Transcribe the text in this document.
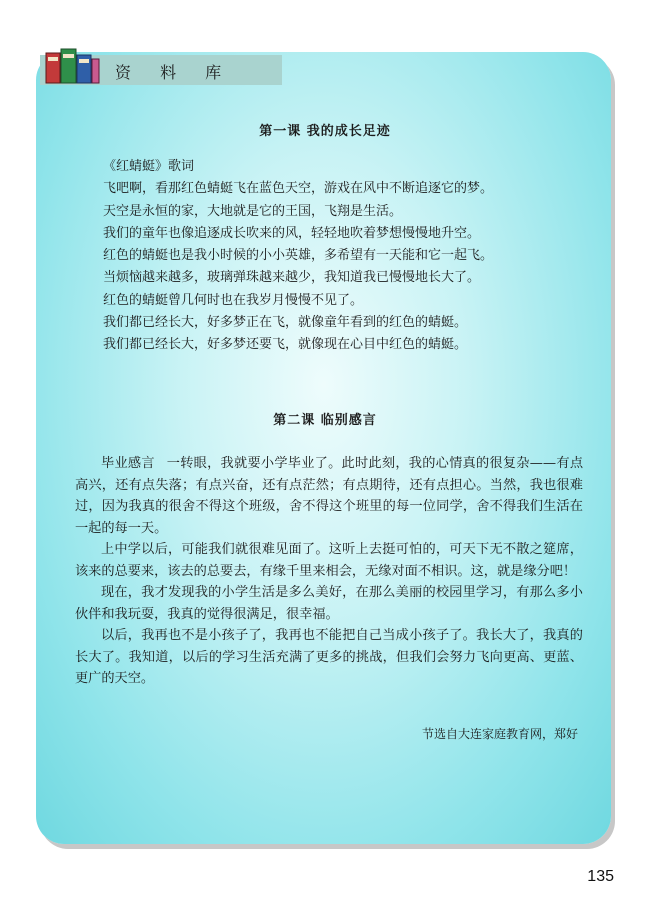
资 料 库
第一课 我的成长足迹
《红蜻蜓》歌词
飞吧啊，看那红色蜻蜓飞在蓝色天空，游戏在风中不断追逐它的梦。
天空是永恒的家，大地就是它的王国，飞翔是生活。
我们的童年也像追逐成长吹来的风，轻轻地吹着梦想慢慢地升空。
红色的蜻蜓也是我小时候的小小英雄，多希望有一天能和它一起飞。
当烦恼越来越多，玻璃弹珠越来越少，我知道我已慢慢地长大了。
红色的蜻蜓曾几何时也在我岁月慢慢不见了。
我们都已经长大，好多梦正在飞，就像童年看到的红色的蜻蜓。
我们都已经长大，好多梦还要飞，就像现在心目中红色的蜻蜓。
第二课 临别感言

毕业感言 一转眼，我就要小学毕业了。此时此刻，我的心情真的很复杂——有点高兴，还有点失落；有点兴奋，还有点茫然；有点期待，还有点担心。当然，我也很难过，因为我真的很舍不得这个班级，舍不得这个班里的每一位同学，舍不得我们生活在一起的每一天。

上中学以后，可能我们就很难见面了。这听上去挺可怕的，可天下无不散之筵席，该来的总要来，该去的总要去，有缘千里来相会，无缘对面不相识。这，就是缘分吧！

现在，我才发现我的小学生活是多么美好，在那么美丽的校园里学习，有那么多小伙伴和我玩耍，我真的觉得很满足，很幸福。

以后，我再也不是小孩子了，我再也不能把自己当成小孩子了。我长大了，我真的长大了。我知道，以后的学习生活充满了更多的挑战，但我们会努力飞向更高、更蓝、更广的天空。

节选自大连家庭教育网，郑好
135
